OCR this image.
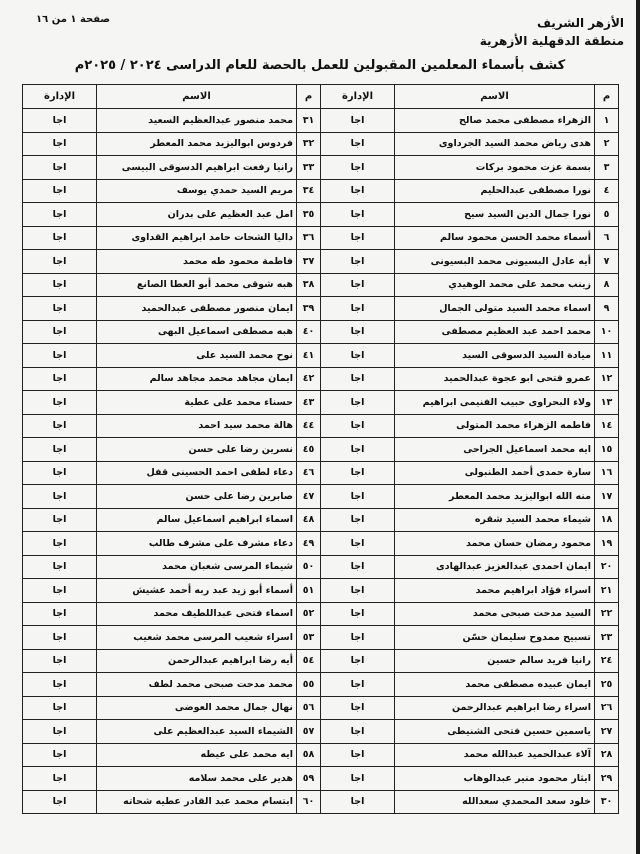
الأزهر الشريف
منطقة الدقهلية الأزهرية
صفحة ١ من ١٦
كشف بأسماء المعلمين المقبولين للعمل بالحصة للعام الدراسى ٢٠٢٤ / ٢٠٢٥م
م	الاسم	الإدارة	م	الاسم	الإدارة
١	الزهراء مصطفى محمد صالح	اجا	٣١	محمد منصور عبدالعظيم السعيد	اجا
٢	هدى رياض محمد السيد الجرداوى	اجا	٣٢	فردوس ابواليزيد محمد المعطر	اجا
٣	بسمة عزت محمود بركات	اجا	٣٣	رانيا رفعت ابراهيم الدسوقى البيسى	اجا
٤	نورا مصطفى عبدالحليم	اجا	٣٤	مريم السيد حمدي يوسف	اجا
٥	نورا جمال الدين السيد سيح	اجا	٣٥	امل عبد العظيم على بدران	اجا
٦	أسماء محمد الحسن محمود سالم	اجا	٣٦	داليا الشحات حامد ابراهيم القداوى	اجا
٧	أيه عادل البسيونى محمد البسيونى	اجا	٣٧	فاطمة محمود طه محمد	اجا
٨	زينب محمد على محمد الوهيدي	اجا	٣٨	هبه شوقى محمد أبو العطا الصانع	اجا
٩	اسماء محمد السيد متولى الجمال	اجا	٣٩	ايمان منصور مصطفى عبدالحميد	اجا
١٠	محمد احمد عبد العظيم مصطفى	اجا	٤٠	هبه مصطفى اسماعيل البهى	اجا
١١	ميادة السيد الدسوقى السيد	اجا	٤١	نوح محمد السيد على	اجا
١٢	عمرو فتحى ابو عجوة عبدالحميد	اجا	٤٢	ايمان مجاهد محمد مجاهد سالم	اجا
١٣	ولاء البحراوى حبيب الفنيمى ابراهيم	اجا	٤٣	حسناء محمد على عطية	اجا
١٤	فاطمه الزهراء محمد المتولى	اجا	٤٤	هالة محمد سيد احمد	اجا
١٥	ايه محمد اسماعيل الجراحى	اجا	٤٥	نسرين رضا على حسن	اجا
١٦	سارة حمدى أحمد الطنبولى	اجا	٤٦	دعاء لطفى احمد الحسينى قفل	اجا
١٧	منه الله ابواليزيد محمد المعطر	اجا	٤٧	صابرين رضا على حسن	اجا
١٨	شيماء محمد السيد شقره	اجا	٤٨	اسماء ابراهيم اسماعيل سالم	اجا
١٩	محمود رمضان حسان محمد	اجا	٤٩	دعاء مشرف على مشرف طالب	اجا
٢٠	ايمان احمدى عبدالعزيز عبدالهادى	اجا	٥٠	شيماء المرسى شعبان محمد	اجا
٢١	اسراء فؤاد ابراهيم محمد	اجا	٥١	أسماء أبو زيد عبد ربه أحمد عشيش	اجا
٢٢	السيد مدحت صبحى محمد	اجا	٥٢	اسماء فتحى عبداللطيف محمد	اجا
٢٣	تسبيح ممدوح سليمان حسّن	اجا	٥٣	اسراء شعيب المرسى محمد شعيب	اجا
٢٤	رانيا فريد سالم حسين	اجا	٥٤	أيه رضا ابراهيم عبدالرحمن	اجا
٢٥	ايمان عبيده مصطفى محمد	اجا	٥٥	محمد مدحت صبحى محمد لطف	اجا
٢٦	اسراء رضا ابراهيم عبدالرحمن	اجا	٥٦	نهال جمال محمد العوضى	اجا
٢٧	ياسمين حسين فتحى الشنيطى	اجا	٥٧	الشيماء السيد عبدالعظيم على	اجا
٢٨	آلاء عبدالحميد عبدالله محمد	اجا	٥٨	ايه محمد على عيطه	اجا
٢٩	ايثار محمود منير عبدالوهاب	اجا	٥٩	هدير على محمد سلامه	اجا
٣٠	خلود سعد المحمدي سعدالله	اجا	٦٠	ابتسام محمد عبد القادر عطيه شحاته	اجا
